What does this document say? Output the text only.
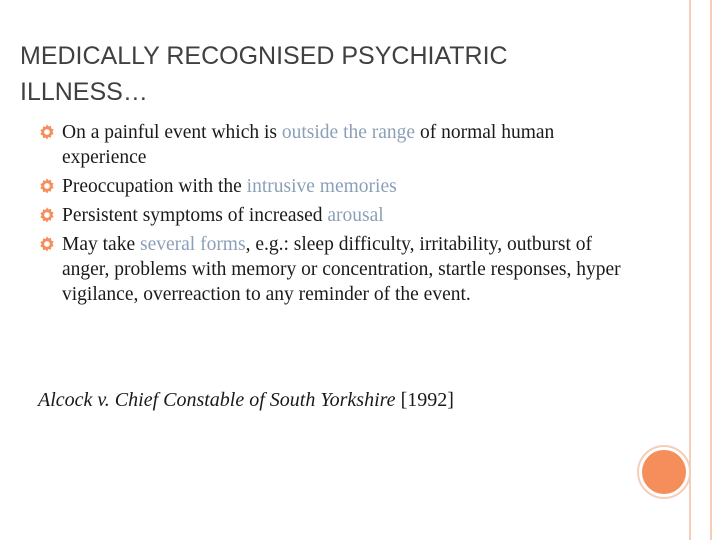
MEDICALLY RECOGNISED PSYCHIATRIC
ILLNESS…
On a painful event which is outside the range of normal human experience
Preoccupation with the intrusive memories
Persistent symptoms of increased arousal
May take several forms, e.g.: sleep difficulty, irritability, outburst of anger, problems with memory or concentration, startle responses, hyper vigilance, overreaction to any reminder of the event.
Alcock v. Chief Constable of South Yorkshire [1992]
